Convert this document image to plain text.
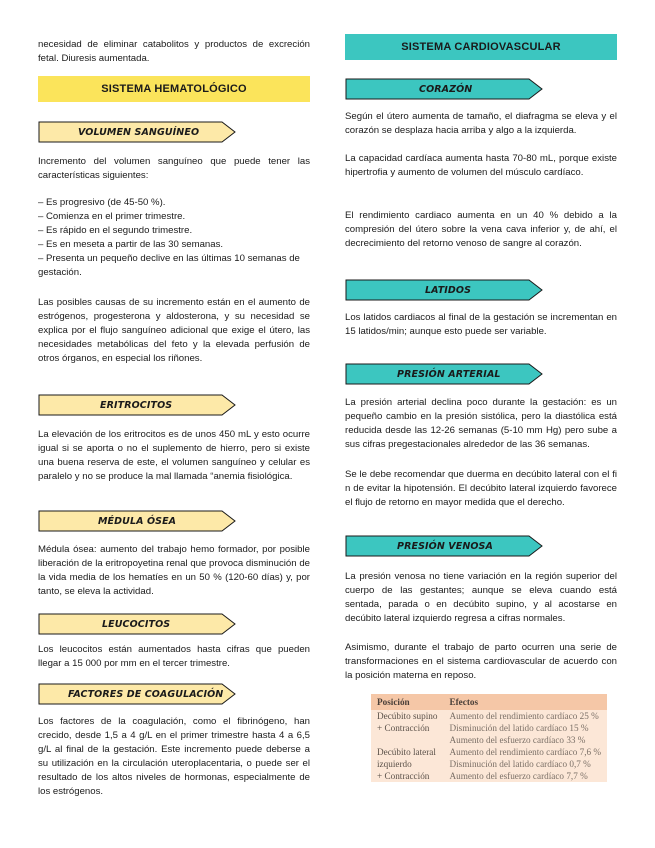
necesidad de eliminar catabolitos y productos de excreción fetal. Diuresis aumentada.

SISTEMA HEMATOLÓGICO
VOLUMEN SANGUÍNEO

Incremento del volumen sanguíneo que puede tener las características siguientes:

– Es progresivo (de 45-50 %).
– Comienza en el primer trimestre.
– Es rápido en el segundo trimestre.
– Es en meseta a partir de las 30 semanas.
– Presenta un pequeño declive en las últimas 10 semanas de gestación.

Las posibles causas de su incremento están en el aumento de estrógenos, progesterona y aldosterona, y su necesidad se explica por el flujo sanguíneo adicional que exige el útero, las necesidades metabólicas del feto y la elevada perfusión de otros órganos, en especial los riñones.

ERITROCITOS

La elevación de los eritrocitos es de unos 450 mL y esto ocurre igual si se aporta o no el suplemento de hierro, pero si existe una buena reserva de este, el volumen sanguíneo y celular es paralelo y no se produce la mal llamada “anemia fisiológica.

MÉDULA ÓSEA

Médula ósea: aumento del trabajo hemo formador, por posible liberación de la eritropoyetina renal que provoca disminución de la vida media de los hematíes en un 50 % (120-60 días) y, por tanto, se eleva la actividad.

LEUCOCITOS

Los leucocitos están aumentados hasta cifras que pueden llegar a 15 000 por mm en el tercer trimestre.

FACTORES DE COAGULACIÓN

Los factores de la coagulación, como el fibrinógeno, han crecido, desde 1,5 a 4 g/L en el primer trimestre hasta 4 a 6,5 g/L al final de la gestación. Este incremento puede deberse a su utilización en la circulación uteroplacentaria, o puede ser el resultado de los altos niveles de hormonas, especialmente de los estrógenos.

SISTEMA CARDIOVASCULAR
CORAZÓN

Según el útero aumenta de tamaño, el diafragma se eleva y el corazón se desplaza hacia arriba y algo a la izquierda.

La capacidad cardíaca aumenta hasta 70-80 mL, porque existe hipertrofia y aumento de volumen del músculo cardíaco.

El rendimiento cardiaco aumenta en un 40 % debido a la compresión del útero sobre la vena cava inferior y, de ahí, el decrecimiento del retorno venoso de sangre al corazón.

LATIDOS

Los latidos cardiacos al final de la gestación se incrementan en 15 latidos/min; aunque esto puede ser variable.

PRESIÓN ARTERIAL

La presión arterial declina poco durante la gestación: es un pequeño cambio en la presión sistólica, pero la diastólica está reducida desde las 12-26 semanas (5-10 mm Hg) pero sube a sus cifras pregestacionales alrededor de las 36 semanas.

Se le debe recomendar que duerma en decúbito lateral con el fi n de evitar la hipotensión. El decúbito lateral izquierdo favorece el flujo de retorno en mayor medida que el derecho.

PRESIÓN VENOSA

La presión venosa no tiene variación en la región superior del cuerpo de las gestantes; aunque se eleva cuando está sentada, parada o en decúbito supino, y al acostarse en decúbito lateral izquierdo regresa a cifras normales.

Asimismo, durante el trabajo de parto ocurren una serie de transformaciones en el sistema cardiovascular de acuerdo con la posición materna en reposo.

Posición	Efectos
Decúbito supino	Aumento del rendimiento cardíaco 25 %
+ Contracción	Disminución del latido cardíaco 15 %
	Aumento del esfuerzo cardíaco 33 %
Decúbito lateral	Aumento del rendimiento cardíaco 7,6 %
izquierdo	Disminución del latido cardíaco 0,7 %
+ Contracción	Aumento del esfuerzo cardíaco 7,7 %
